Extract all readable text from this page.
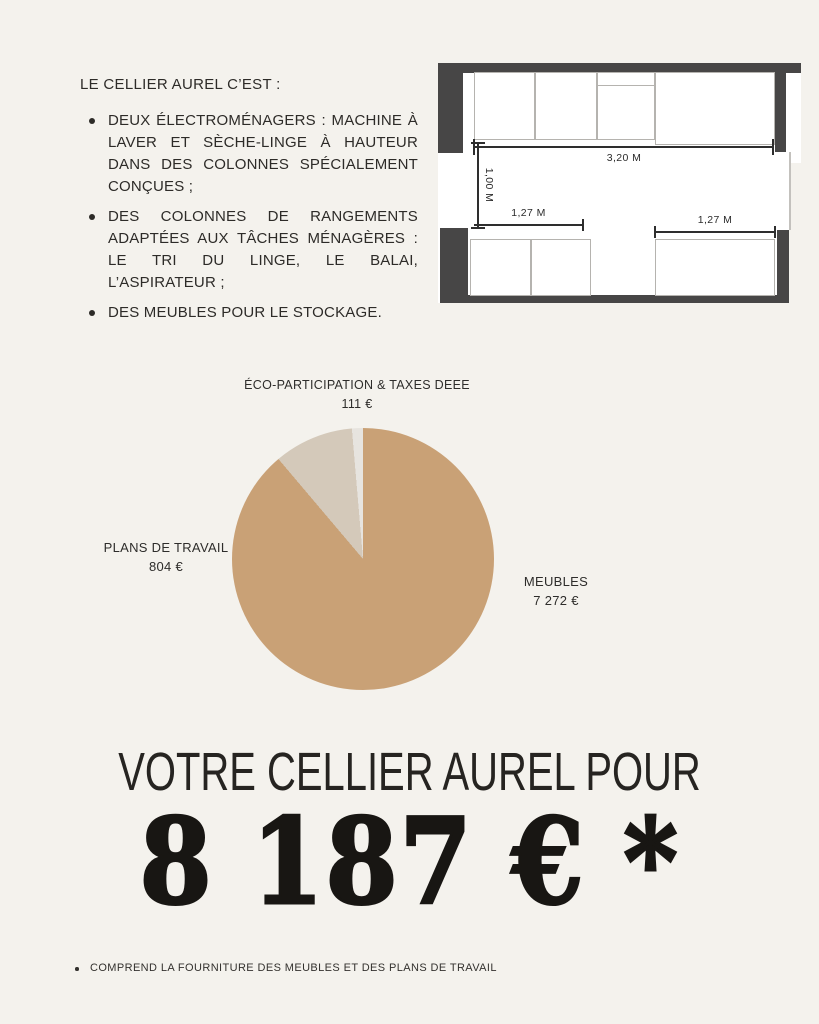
LE CELLIER AUREL C’EST :

DEUX ÉLECTROMÉNAGERS : MACHINE À LAVER ET SÈCHE-LINGE À HAUTEUR DANS DES COLONNES SPÉCIALEMENT CONÇUES ;
DES COLONNES DE RANGEMENTS ADAPTÉES AUX TÂCHES MÉNAGÈRES : LE TRI DU LINGE, LE BALAI, L’ASPIRATEUR ;
DES MEUBLES POUR LE STOCKAGE.
3,20 M
1,00 M
1,27 M
1,27 M
ÉCO-PARTICIPATION & TAXES DEEE
111 €
PLANS DE TRAVAIL
804 €
MEUBLES
7 272 €
VOTRE CELLIER AUREL POUR
8 187 € *
COMPREND LA FOURNITURE DES MEUBLES ET DES PLANS DE TRAVAIL
